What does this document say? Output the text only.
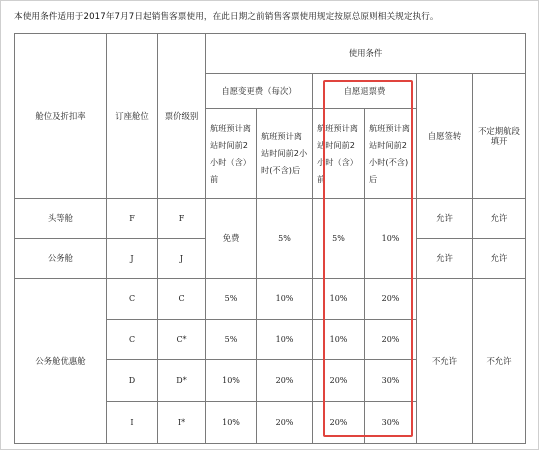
本使用条件适用于2017年7月7日起销售客票使用，在此日期之前销售客票使用规定按原总原则相关规定执行。
舱位及折扣率	订座舱位	票价级别	使用条件					
			自愿变更费（每次）		自愿退票费		自愿签转	不定期航段填开
			航班预计离站时间前2小时（含）前	航班预计离站时间前2小时(不含)后	航班预计离站时间前2小时（含）前	航班预计离站时间前2小时(不含)后		
头等舱	F	F	免费	5%	5%	10%	允许	允许
公务舱	J	J					允许	允许
公务舱优惠舱	C	C	5%	10%	10%	20%	不允许	不允许
	C	C*	5%	10%	10%	20%		
	D	D*	10%	20%	20%	30%		
	I	I*	10%	20%	20%	30%		
